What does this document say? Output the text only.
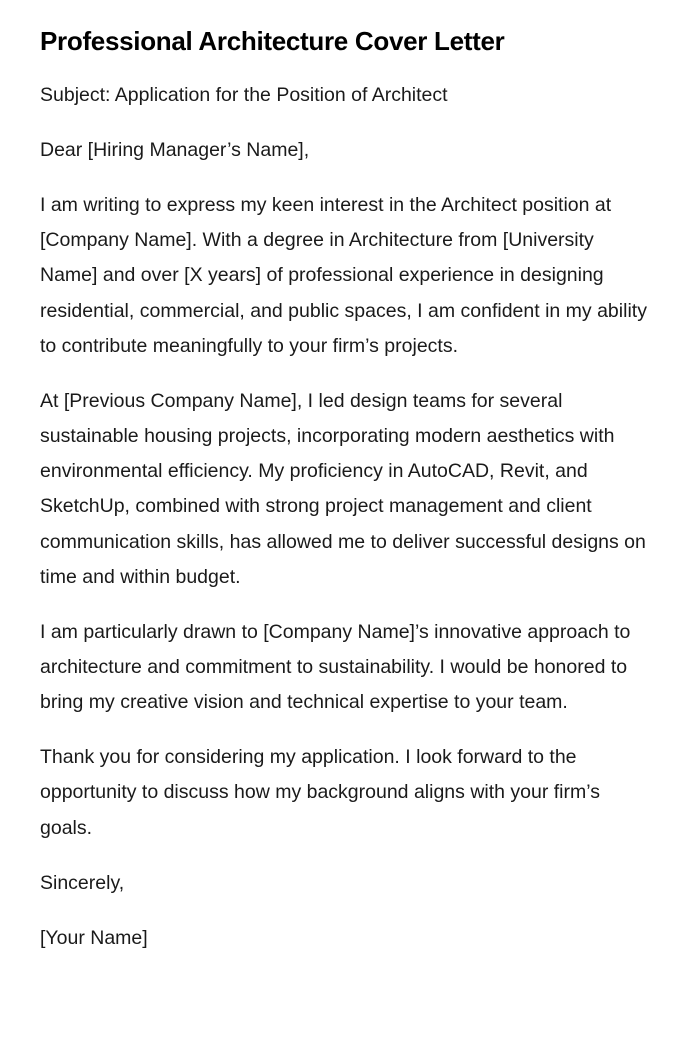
Professional Architecture Cover Letter

Subject: Application for the Position of Architect

Dear [Hiring Manager’s Name],

I am writing to express my keen interest in the Architect position at [Company Name]. With a degree in Architecture from [University Name] and over [X years] of professional experience in designing residential, commercial, and public spaces, I am confident in my ability to contribute meaningfully to your firm’s projects.

At [Previous Company Name], I led design teams for several sustainable housing projects, incorporating modern aesthetics with environmental efficiency. My proficiency in AutoCAD, Revit, and SketchUp, combined with strong project management and client communication skills, has allowed me to deliver successful designs on time and within budget.

I am particularly drawn to [Company Name]’s innovative approach to architecture and commitment to sustainability. I would be honored to bring my creative vision and technical expertise to your team.

Thank you for considering my application. I look forward to the opportunity to discuss how my background aligns with your firm’s goals.

Sincerely,

[Your Name]
